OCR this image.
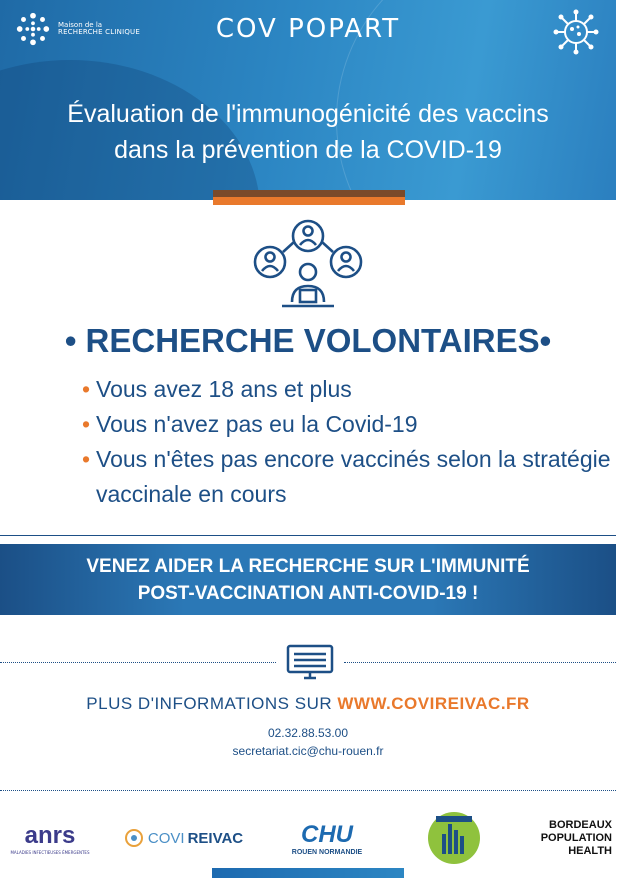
Maison de la
RECHERCHE CLINIQUE	COV POPART
Évaluation de l'immunogénicité des vaccins
dans la prévention de la COVID-19
• RECHERCHE VOLONTAIRES•
• Vous avez 18 ans et plus
• Vous n'avez pas eu la Covid-19
• Vous n'êtes pas encore vaccinés selon la stratégie vaccinale en cours
VENEZ AIDER LA RECHERCHE SUR L'IMMUNITÉ
POST-VACCINATION ANTI-COVID-19 !
PLUS D'INFORMATIONS SUR WWW.COVIREIVAC.FR
02.32.88.53.00
secretariat.cic@chu-rouen.fr
anrs
MALADIES INFECTIEUSES ÉMERGENTES
COVI REIVAC CHU
ROUEN NORMANDIE
BORDEAUX
POPULATION
HEALTH
